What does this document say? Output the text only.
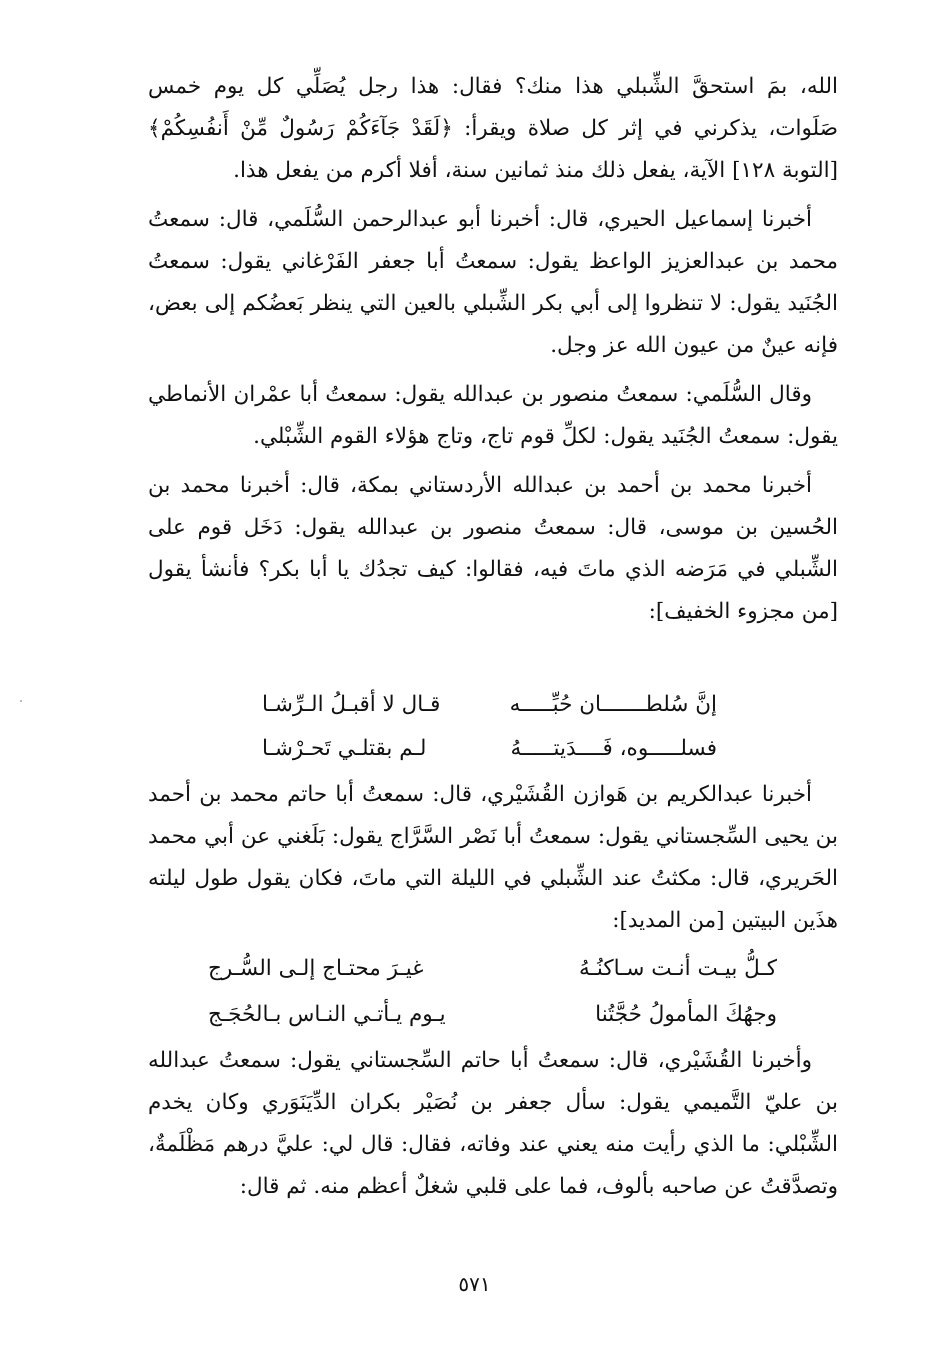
الله، بمَ استحقَّ الشِّبلي هذا منك؟ فقال: هذا رجل يُصَلِّي كل يوم خمس صَلَوات، يذكرني في إثر كل صلاة ويقرأ: ﴿لَقَدْ جَآءَكُمْ رَسُولٌ مِّنْ أَنفُسِكُمْ﴾ [التوبة ١٢٨] الآية، يفعل ذلك منذ ثمانين سنة، أفلا أكرم من يفعل هذا.

أخبرنا إسماعيل الحيري، قال: أخبرنا أبو عبدالرحمن السُّلَمي، قال: سمعتُ محمد بن عبدالعزيز الواعظ يقول: سمعتُ أبا جعفر الفَرْغاني يقول: سمعتُ الجُنَيد يقول: لا تنظروا إلى أبي بكر الشِّبلي بالعين التي ينظر بَعضُكم إلى بعض، فإنه عينٌ من عيون الله عز وجل.

وقال السُّلَمي: سمعتُ منصور بن عبدالله يقول: سمعتُ أبا عمْران الأنماطي يقول: سمعتُ الجُنَيد يقول: لكلِّ قوم تاج، وتاج هؤلاء القوم الشِّبْلي.

أخبرنا محمد بن أحمد بن عبدالله الأردستاني بمكة، قال: أخبرنا محمد بن الحُسين بن موسى، قال: سمعتُ منصور بن عبدالله يقول: دَخَل قوم على الشِّبلي في مَرَضه الذي ماتَ فيه، فقالوا: كيف تجدُك يا أبا بكر؟ فأنشأ يقول [من مجزوء الخفيف]:

إنَّ سُلطـــــــان حُبِّـــــه
قـال لا أقبـلُ الـرِّشـا
فسلـــــوه، فَــــدَيتـــــهُ
لـم بقتلـي تَحـرْشـا

أخبرنا عبدالكريم بن هَوازن القُشَيْري، قال: سمعتُ أبا حاتم محمد بن أحمد بن يحيى السِّجستاني يقول: سمعتُ أبا نَصْر السَّرَّاج يقول: بَلَغني عن أبي محمد الحَريري، قال: مكثتُ عند الشِّبلي في الليلة التي ماتَ، فكان يقول طول ليلته هذَين البيتين [من المديد]:

كـلُّ بيـت أنـت سـاكنُـهُ
غيـرَ محتـاج إلـى السُّـرج
وجهُكَ المأمولُ حُجَّتُنا
يـوم يـأتـي النـاس بـالحُجَـج

وأخبرنا القُشَيْري، قال: سمعتُ أبا حاتم السِّجستاني يقول: سمعتُ عبدالله بن عليّ التَّميمي يقول: سأل جعفر بن نُصَيْر بكران الدِّيَنَوَري وكان يخدم الشِّبْلي: ما الذي رأيت منه يعني عند وفاته، فقال: قال لي: عليَّ درهم مَظْلَمةٌ، وتصدَّقتُ عن صاحبه بألوف، فما على قلبي شغلٌ أعظم منه. ثم قال:

٥٧١
